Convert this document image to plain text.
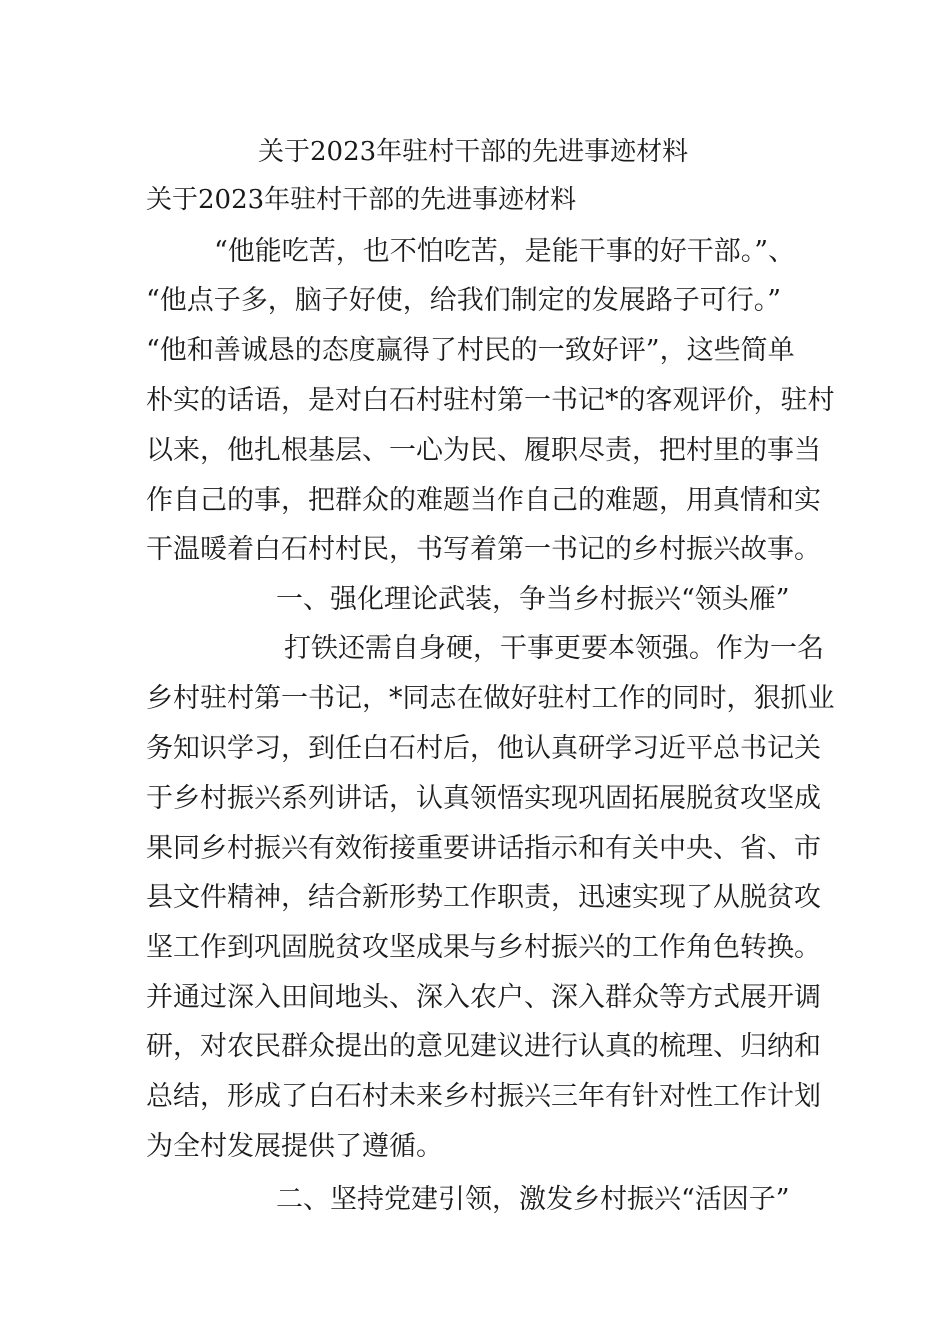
关于2023年驻村干部的先进事迹材料
关于2023年驻村干部的先进事迹材料
“他能吃苦，也不怕吃苦，是能干事的好干部。”、
“他点子多，脑子好使，给我们制定的发展路子可行。”
“他和善诚恳的态度赢得了村民的一致好评”，这些简单
朴实的话语，是对白石村驻村第一书记*的客观评价，驻村
以来，他扎根基层、一心为民、履职尽责，把村里的事当
作自己的事，把群众的难题当作自己的难题，用真情和实
干温暖着白石村村民，书写着第一书记的乡村振兴故事。
一、强化理论武装，争当乡村振兴“领头雁”
打铁还需自身硬，干事更要本领强。作为一名
乡村驻村第一书记，*同志在做好驻村工作的同时，狠抓业
务知识学习，到任白石村后，他认真研学习近平总书记关
于乡村振兴系列讲话，认真领悟实现巩固拓展脱贫攻坚成
果同乡村振兴有效衔接重要讲话指示和有关中央、省、市
县文件精神，结合新形势工作职责，迅速实现了从脱贫攻
坚工作到巩固脱贫攻坚成果与乡村振兴的工作角色转换。
并通过深入田间地头、深入农户、深入群众等方式展开调
研，对农民群众提出的意见建议进行认真的梳理、归纳和
总结，形成了白石村未来乡村振兴三年有针对性工作计划
为全村发展提供了遵循。
二、坚持党建引领，激发乡村振兴“活因子”
